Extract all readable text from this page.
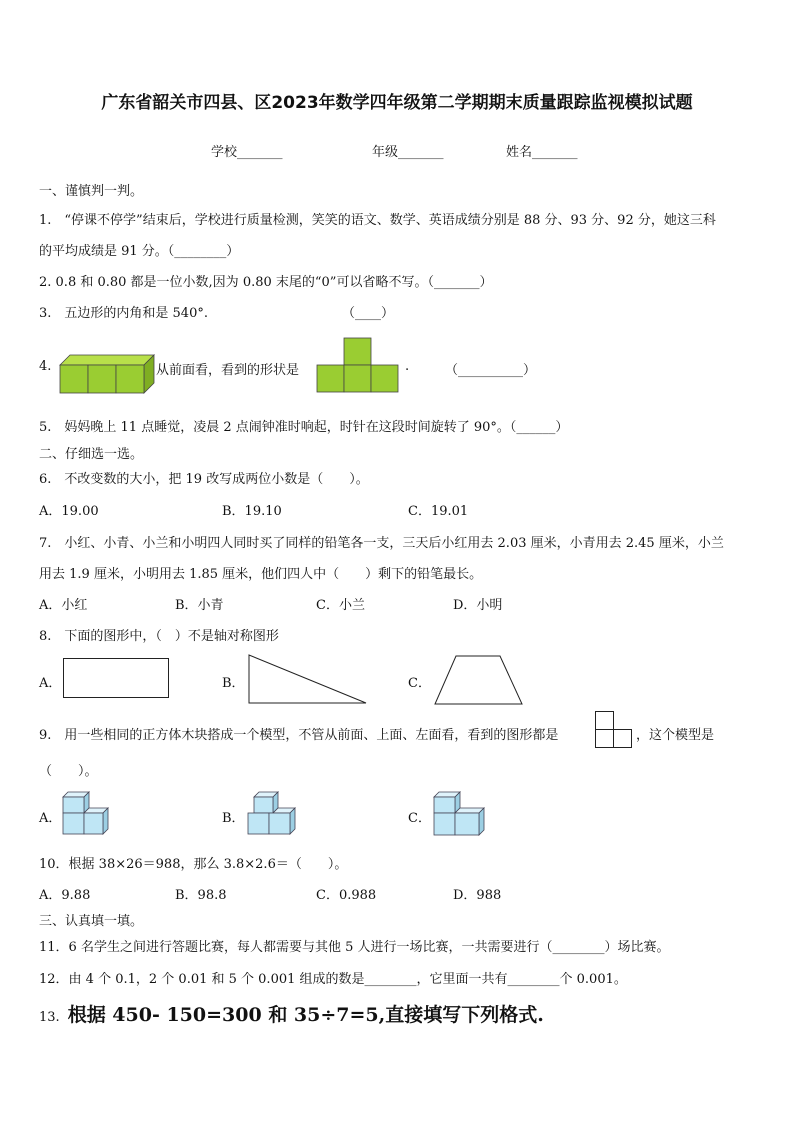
广东省韶关市四县、区2023年数学四年级第二学期期末质量跟踪监视模拟试题
学校_______	年级_______	姓名_______
一、谨慎判一判。
1.　“停课不停学”结束后，学校进行质量检测，笑笑的语文、数学、英语成绩分别是 88 分、93 分、92 分，她这三科
的平均成绩是 91 分。（________）
2. 0.8 和 0.80 都是一位小数,因为 0.80 末尾的“0”可以省略不写。（_______）
3.　五边形的内角和是 540°.	（____）
4.	从前面看，看到的形状是	.	（__________）
5.　妈妈晚上 11 点睡觉，凌晨 2 点闹钟准时响起，时针在这段时间旋转了 90°。（______）
二、仔细选一选。
6.　不改变数的大小，把 19 改写成两位小数是（　　）。
A．19.00	B．19.10	C．19.01
7.　小红、小青、小兰和小明四人同时买了同样的铅笔各一支，三天后小红用去 2.03 厘米，小青用去 2.45 厘米，小兰
用去 1.9 厘米，小明用去 1.85 厘米，他们四人中（　　）剩下的铅笔最长。
A．小红	B．小青	C．小兰	D．小明
8.　下面的图形中，（　）不是轴对称图形
A．	B．	C．
9.　用一些相同的正方体木块搭成一个模型，不管从前面、上面、左面看，看到的图形都是	，这个模型是
（　　）。
A．	B．	C．
10．根据 38×26＝988，那么 3.8×2.6＝（　　）。
A．9.88	B．98.8	C．0.988	D．988
三、认真填一填。
11．6 名学生之间进行答题比赛，每人都需要与其他 5 人进行一场比赛，一共需要进行（________）场比赛。
12．由 4 个 0.1，2 个 0.01 和 5 个 0.001 组成的数是________，它里面一共有________个 0.001。
13. 根据 450- 150=300 和 35÷7=5,直接填写下列格式.
